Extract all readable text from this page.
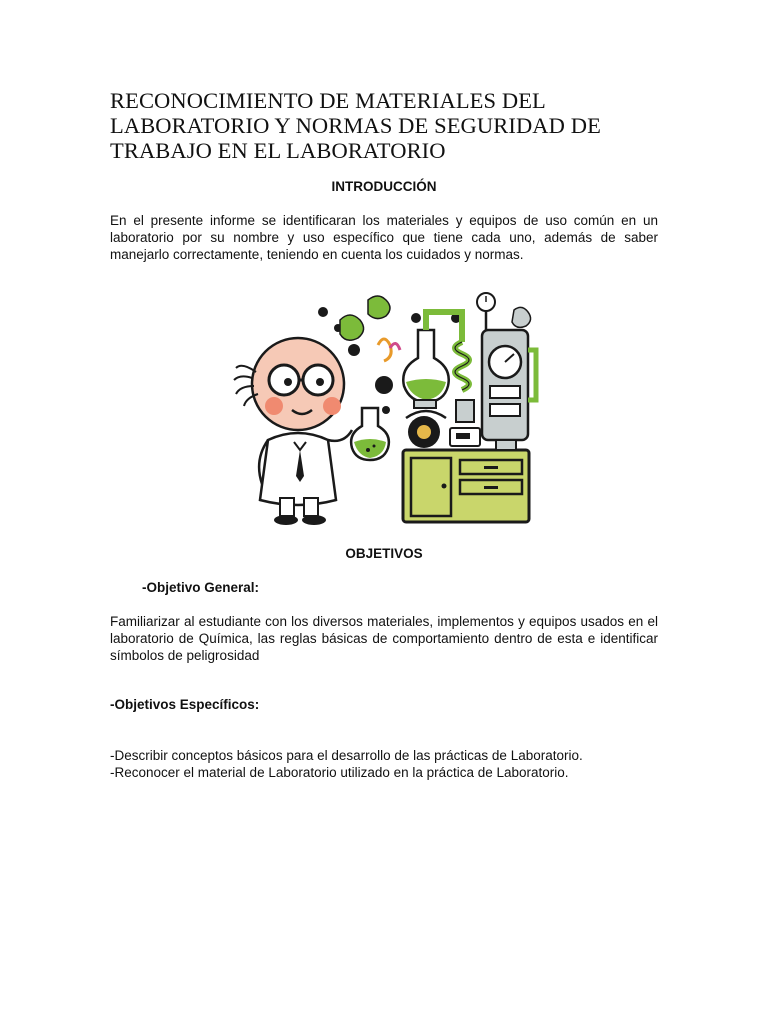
RECONOCIMIENTO DE MATERIALES DEL LABORATORIO Y NORMAS DE SEGURIDAD DE TRABAJO EN EL LABORATORIO
INTRODUCCIÓN

En el presente informe se identificaran los materiales y equipos de uso común en un laboratorio por su nombre y uso específico que tiene cada uno, además de saber manejarlo correctamente, teniendo en cuenta los cuidados y normas.

OBJETIVOS
-Objetivo General:

Familiarizar al estudiante con los diversos materiales, implementos y equipos usados en el laboratorio de Química, las reglas básicas de comportamiento dentro de esta e identificar símbolos de peligrosidad

-Objetivos Específicos:

-Describir conceptos básicos para el desarrollo de las prácticas de Laboratorio.

-Reconocer el material de Laboratorio utilizado en la práctica de Laboratorio.
